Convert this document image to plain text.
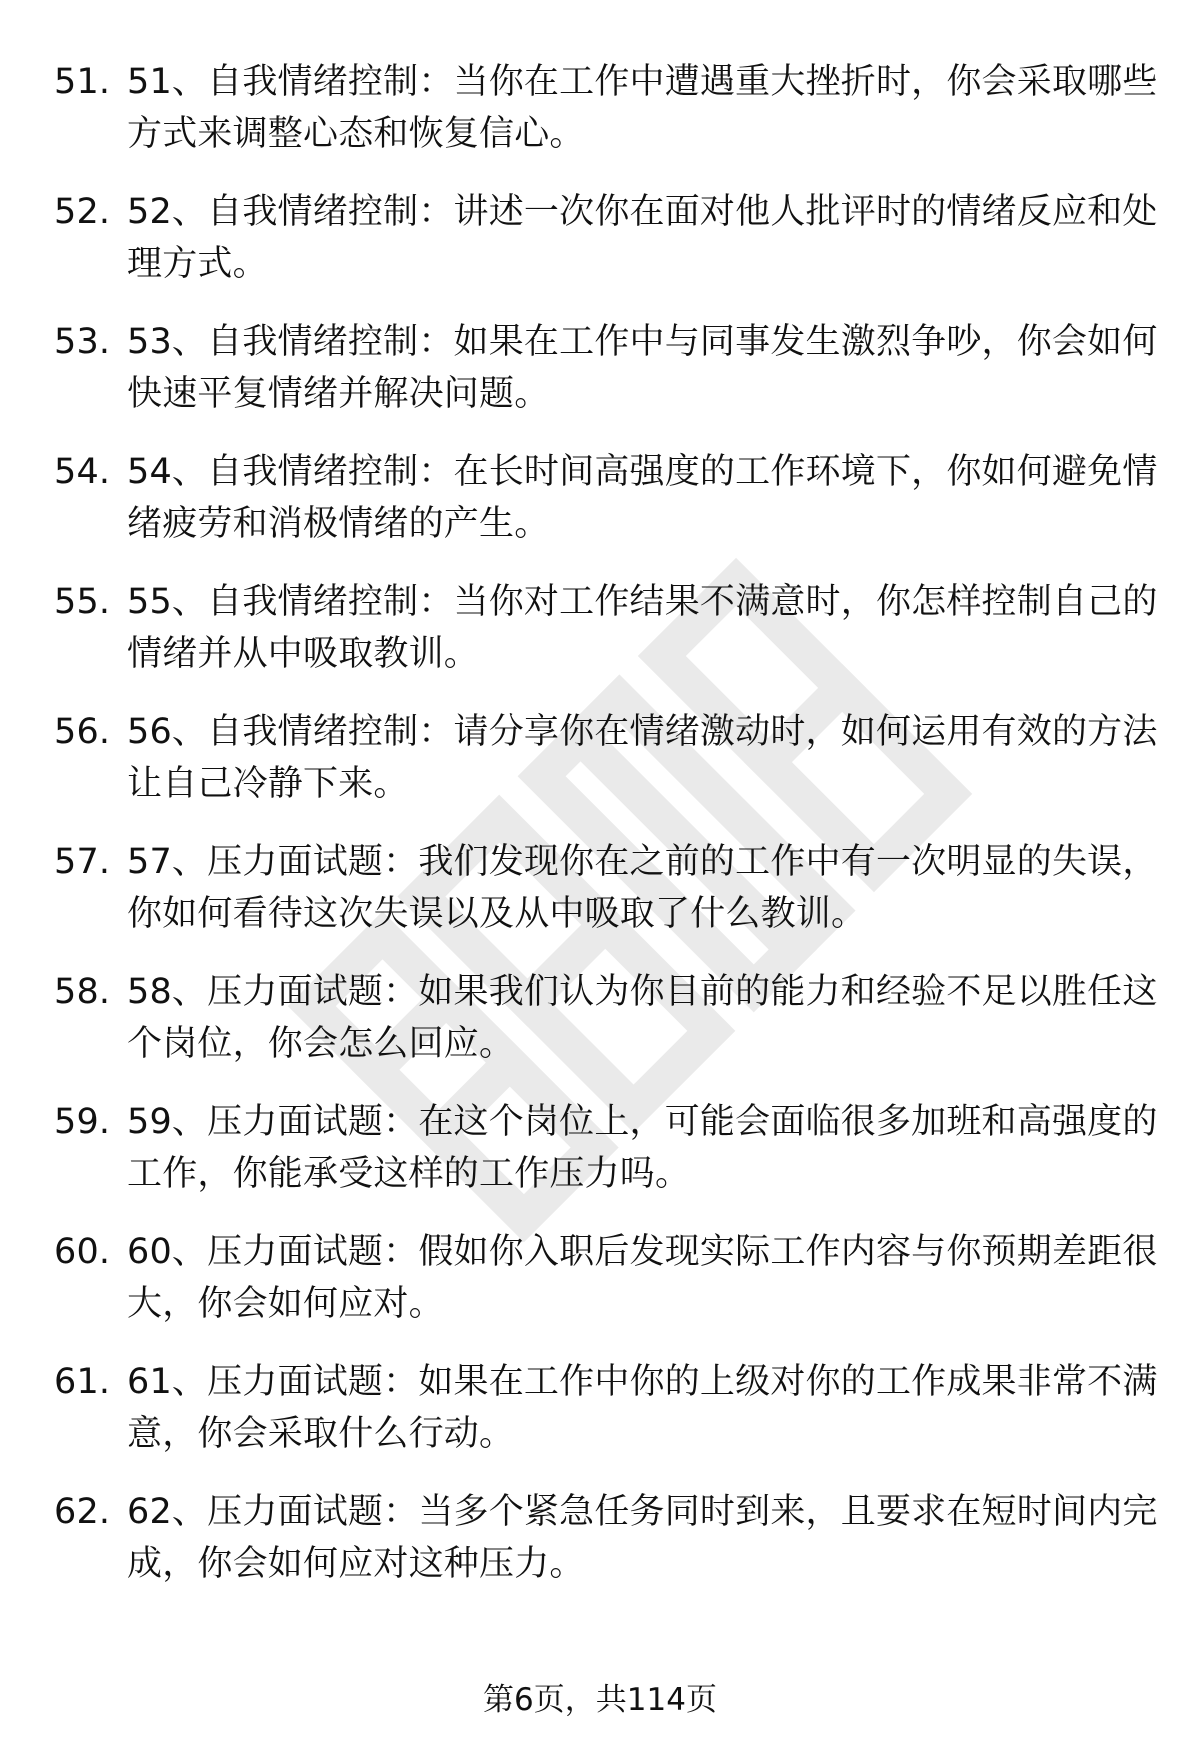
51. 51、自我情绪控制：当你在工作中遭遇重大挫折时，你会采取哪些方式来调整心态和恢复信心。
52. 52、自我情绪控制：讲述一次你在面对他人批评时的情绪反应和处理方式。
53. 53、自我情绪控制：如果在工作中与同事发生激烈争吵，你会如何快速平复情绪并解决问题。
54. 54、自我情绪控制：在长时间高强度的工作环境下，你如何避免情绪疲劳和消极情绪的产生。
55. 55、自我情绪控制：当你对工作结果不满意时，你怎样控制自己的情绪并从中吸取教训。
56. 56、自我情绪控制：请分享你在情绪激动时，如何运用有效的方法让自己冷静下来。
57. 57、压力面试题：我们发现你在之前的工作中有一次明显的失误，你如何看待这次失误以及从中吸取了什么教训。
58. 58、压力面试题：如果我们认为你目前的能力和经验不足以胜任这个岗位，你会怎么回应。
59. 59、压力面试题：在这个岗位上，可能会面临很多加班和高强度的工作，你能承受这样的工作压力吗。
60. 60、压力面试题：假如你入职后发现实际工作内容与你预期差距很大，你会如何应对。
61. 61、压力面试题：如果在工作中你的上级对你的工作成果非常不满意，你会采取什么行动。
62. 62、压力面试题：当多个紧急任务同时到来，且要求在短时间内完成，你会如何应对这种压力。
第6页，共114页
